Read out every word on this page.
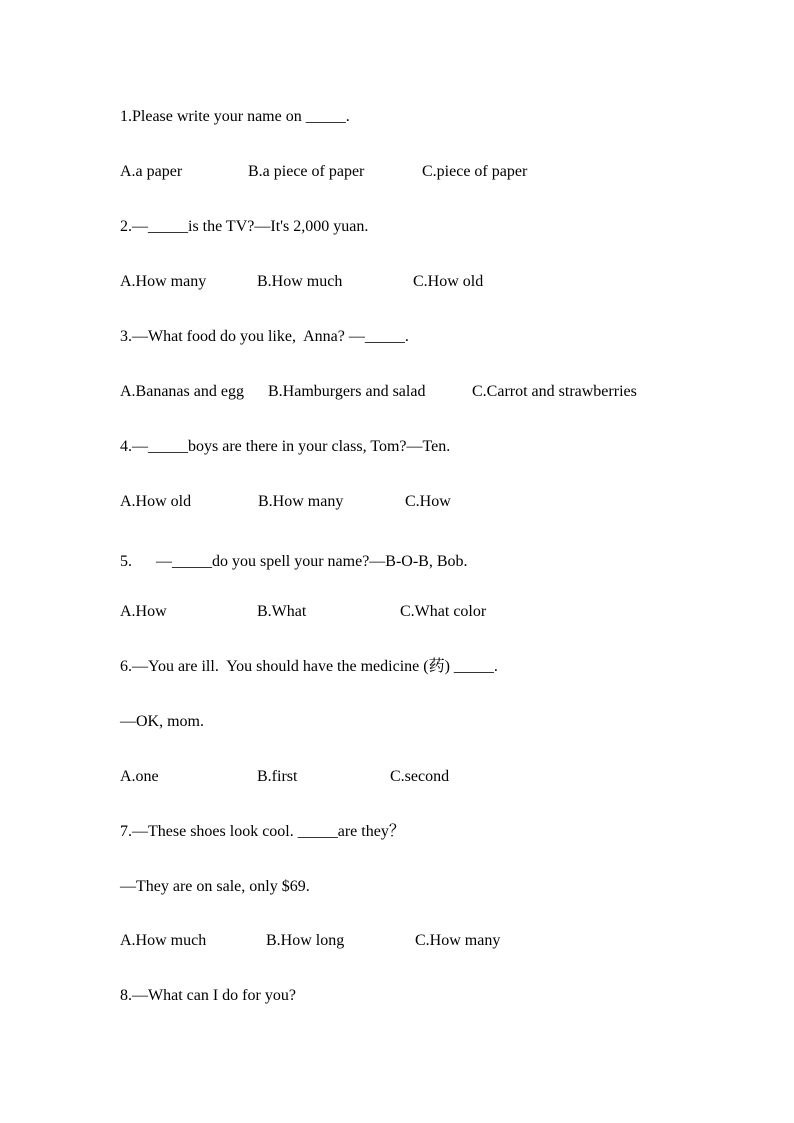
1.Please write your name on _____.

A.a paper	B.a piece of paper	C.piece of paper

2.—_____is the TV?—It's 2,000 yuan.

A.How many	B.How much	C.How old

3.—What food do you like,  Anna? —_____.

A.Bananas and egg B.Hamburgers and salad	C.Carrot and strawberries

4.—_____boys are there in your class, Tom?—Ten.

A.How old	B.How many	C.How

5.      —_____do you spell your name?—B-O-B, Bob.

A.How	B.What	C.What color

6.—You are ill.  You should have the medicine (药) _____.

—OK, mom.

A.one	B.first	C.second

7.—These shoes look cool. _____are they？

—They are on sale, only $69.

A.How much	B.How long	C.How many

8.—What can I do for you?
